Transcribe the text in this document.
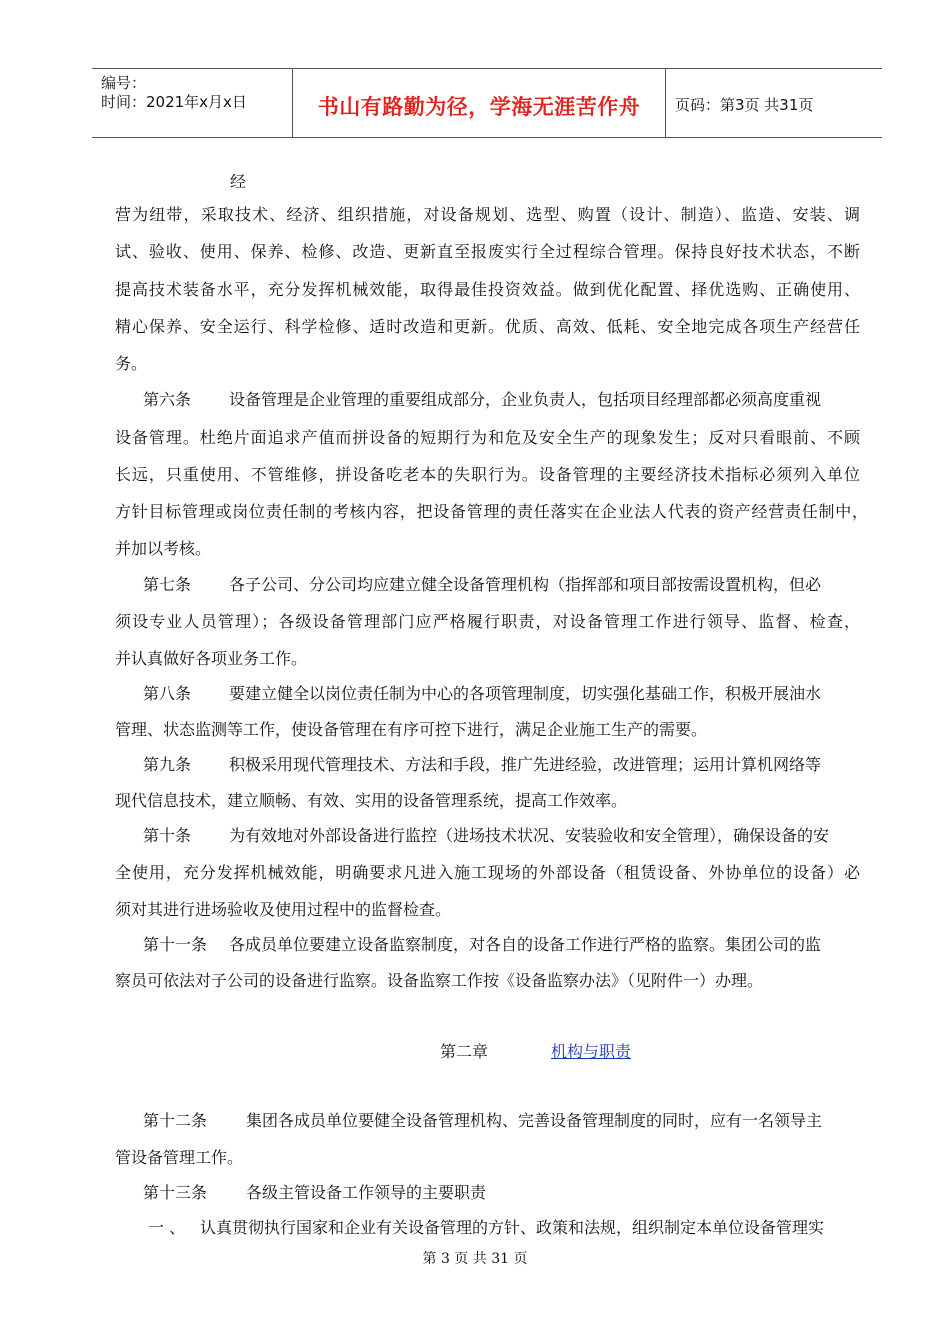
编号：
时间：2021年x月x日	书山有路勤为径，学海无涯苦作舟	页码：第3页 共31页
经
营为纽带，采取技术、经济、组织措施，对设备规划、选型、购置（设计、制造）、监造、安装、调
试、验收、使用、保养、检修、改造、更新直至报废实行全过程综合管理。保持良好技术状态，不断
提高技术装备水平，充分发挥机械效能，取得最佳投资效益。做到优化配置、择优选购、正确使用、
精心保养、安全运行、科学检修、适时改造和更新。优质、高效、低耗、安全地完成各项生产经营任
务。
第六条 设备管理是企业管理的重要组成部分，企业负责人，包括项目经理部都必须高度重视
设备管理。杜绝片面追求产值而拼设备的短期行为和危及安全生产的现象发生；反对只看眼前、不顾
长远，只重使用、不管维修，拼设备吃老本的失职行为。设备管理的主要经济技术指标必须列入单位
方针目标管理或岗位责任制的考核内容，把设备管理的责任落实在企业法人代表的资产经营责任制中，
并加以考核。
第七条 各子公司、分公司均应建立健全设备管理机构（指挥部和项目部按需设置机构，但必
须设专业人员管理）；各级设备管理部门应严格履行职责，对设备管理工作进行领导、监督、检查，
并认真做好各项业务工作。
第八条 要建立健全以岗位责任制为中心的各项管理制度，切实强化基础工作，积极开展油水
管理、状态监测等工作，使设备管理在有序可控下进行，满足企业施工生产的需要。
第九条 积极采用现代管理技术、方法和手段，推广先进经验，改进管理；运用计算机网络等
现代信息技术，建立顺畅、有效、实用的设备管理系统，提高工作效率。
第十条 为有效地对外部设备进行监控（进场技术状况、安装验收和安全管理），确保设备的安
全使用，充分发挥机械效能，明确要求凡进入施工现场的外部设备（租赁设备、外协单位的设备）必
须对其进行进场验收及使用过程中的监督检查。
第十一条 各成员单位要建立设备监察制度，对各自的设备工作进行严格的监察。集团公司的监
察员可依法对子公司的设备进行监察。设备监察工作按《设备监察办法》（见附件一）办理。
第二章	机构与职责
第十二条 集团各成员单位要健全设备管理机构、完善设备管理制度的同时，应有一名领导主
管设备管理工作。
第十三条 各级主管设备工作领导的主要职责
一 、 认真贯彻执行国家和企业有关设备管理的方针、政策和法规，组织制定本单位设备管理实
第 3 页 共 31 页
